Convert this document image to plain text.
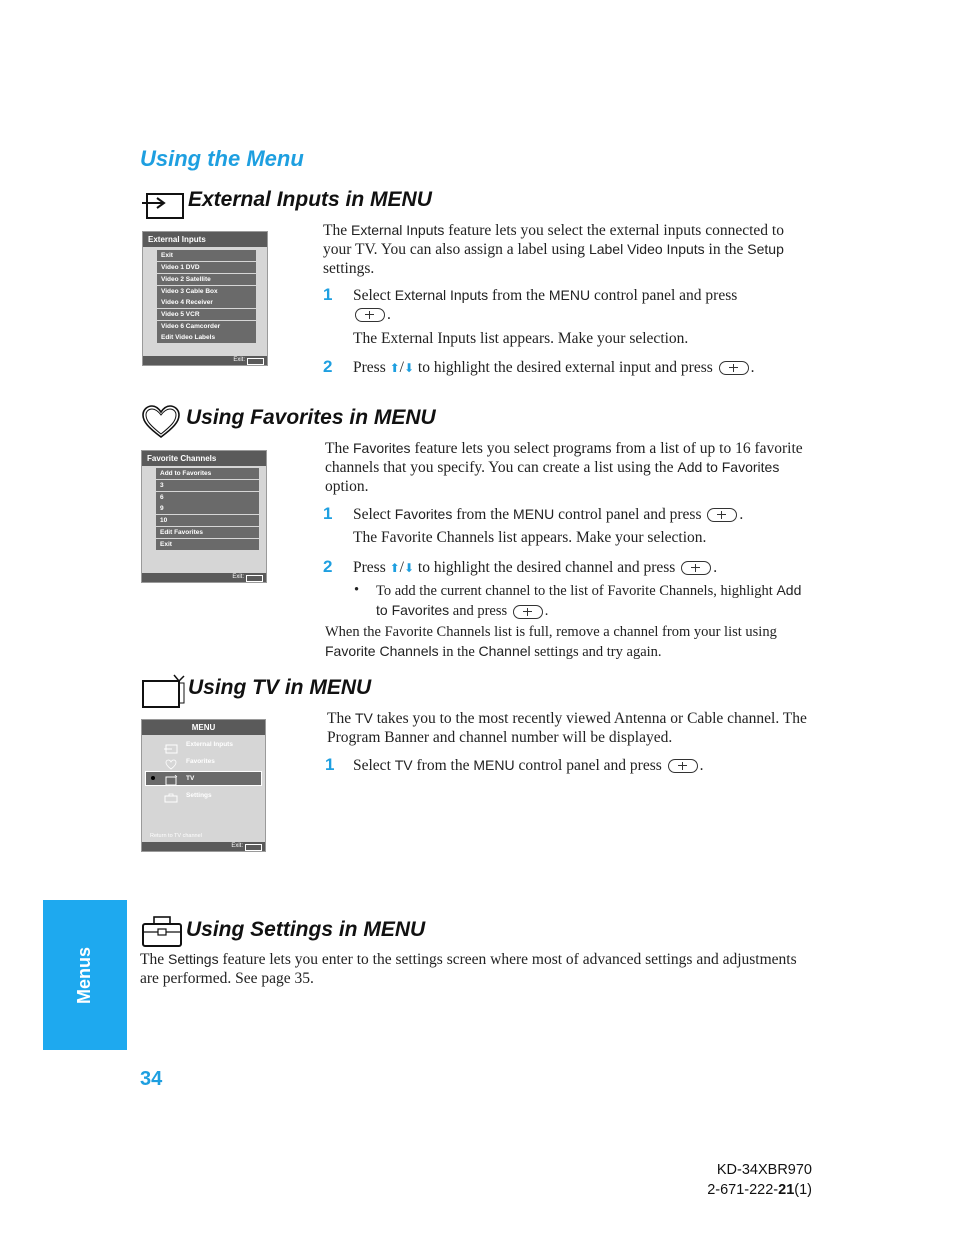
Using the Menu
External Inputs in MENU
External Inputs
Exit
Video 1 DVD
Video 2 Satellite
Video 3 Cable Box
Video 4 Receiver
Video 5 VCR
Video 6 Camcorder
Edit Video Labels
Exit:
The External Inputs feature lets you select the external inputs connected to your TV. You can also assign a label using Label Video Inputs in the Setup settings.
1 Select External Inputs from the MENU control panel and press
.
The External Inputs list appears. Make your selection.
2 Press ⬆/⬇ to highlight the desired external input and press .
Using Favorites in MENU
Favorite Channels
Add to Favorites
3
6
9
10
Edit Favorites
Exit
Exit:
The Favorites feature lets you select programs from a list of up to 16 favorite channels that you specify. You can create a list using the Add to Favorites option.
1 Select Favorites from the MENU control panel and press .
The Favorite Channels list appears. Make your selection.
2 Press ⬆/⬇ to highlight the desired channel and press .
• To add the current channel to the list of Favorite Channels, highlight Add to Favorites and press .
When the Favorite Channels list is full, remove a channel from your list using Favorite Channels in the Channel settings and try again.
Using TV in MENU
MENU
External Inputs
Favorites
TV
Settings
Return to TV channel
Exit:
The TV takes you to the most recently viewed Antenna or Cable channel. The Program Banner and channel number will be displayed.
1 Select TV from the MENU control panel and press .
Using Settings in MENU
The Settings feature lets you enter to the settings screen where most of advanced settings and adjustments are performed. See page 35.
Menus
34
KD-34XBR970
2-671-222-21(1)
